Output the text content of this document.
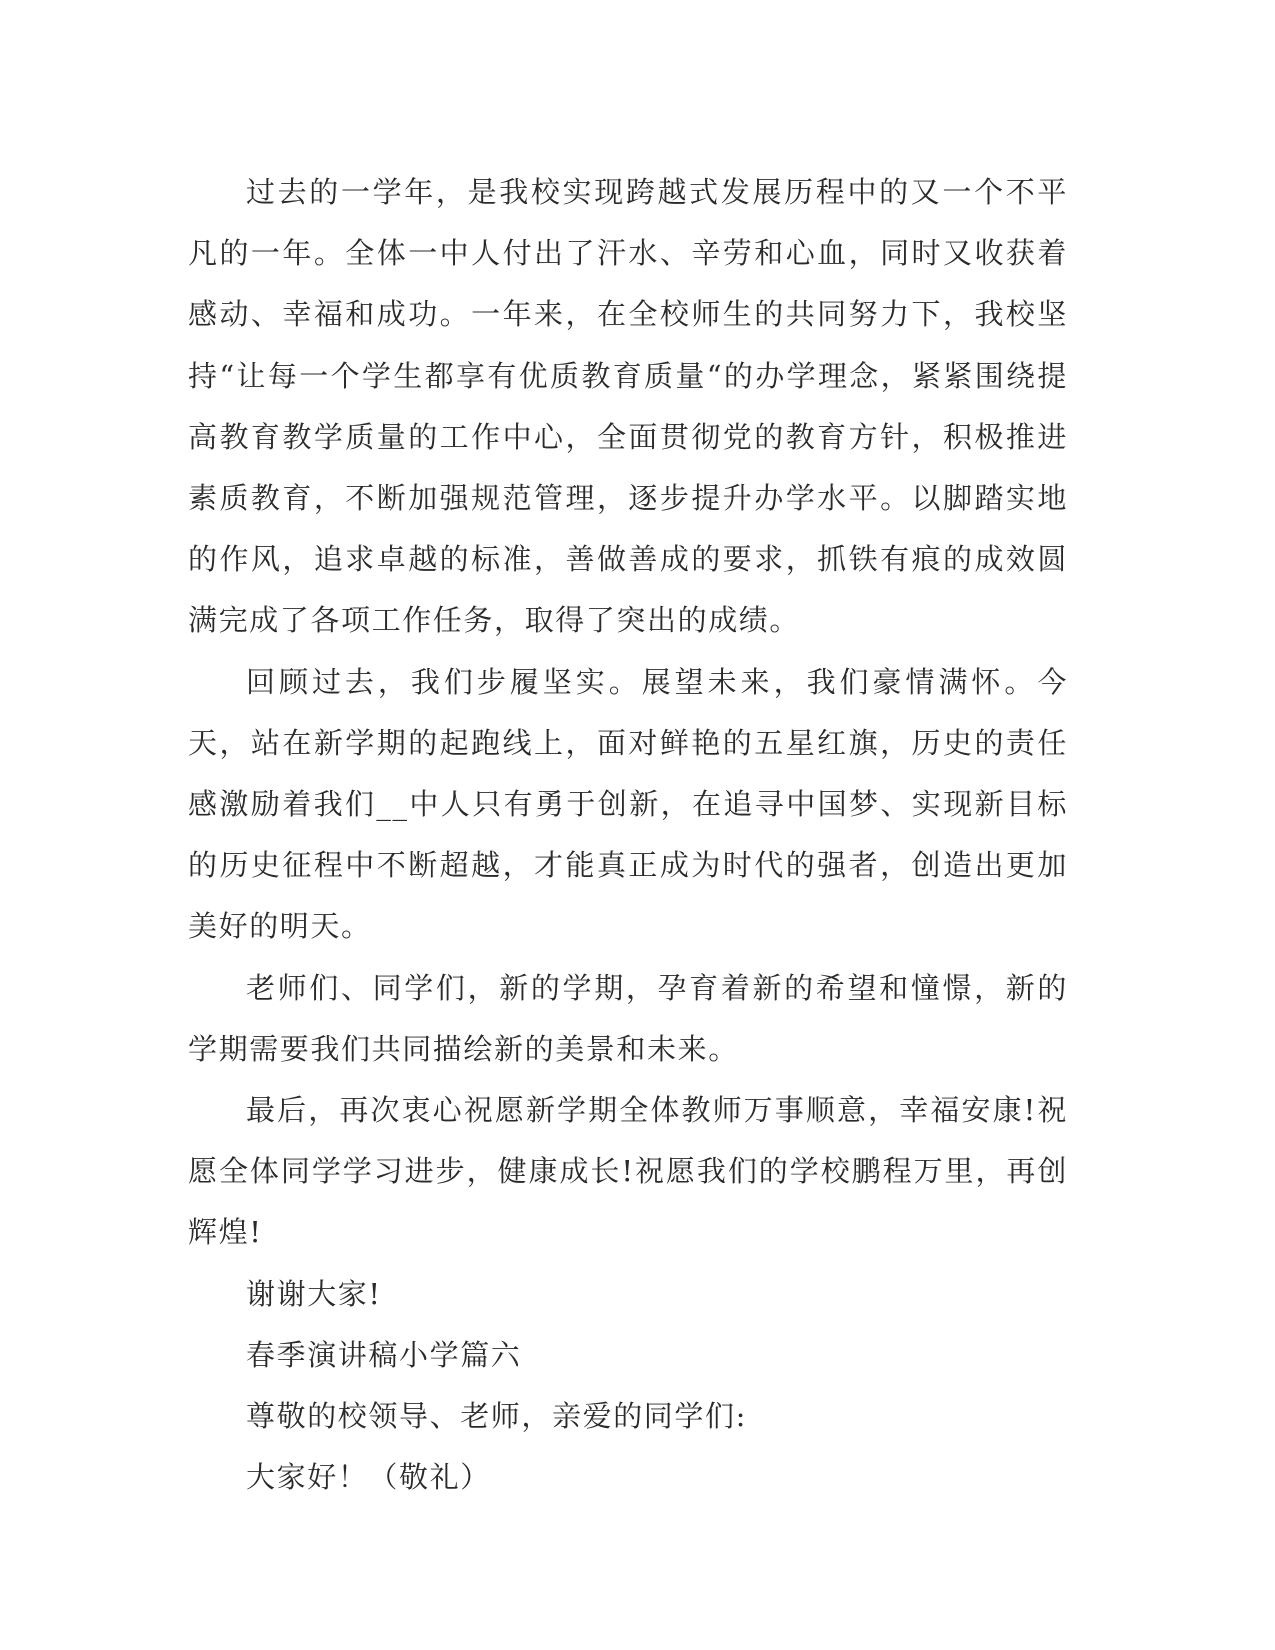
过去的一学年，是我校实现跨越式发展历程中的又一个不平凡的一年。全体一中人付出了汗水、辛劳和心血，同时又收获着感动、幸福和成功。一年来，在全校师生的共同努力下，我校坚持“让每一个学生都享有优质教育质量“的办学理念，紧紧围绕提高教育教学质量的工作中心，全面贯彻党的教育方针，积极推进素质教育，不断加强规范管理，逐步提升办学水平。以脚踏实地的作风，追求卓越的标准，善做善成的要求，抓铁有痕的成效圆满完成了各项工作任务，取得了突出的成绩。

回顾过去，我们步履坚实。展望未来，我们豪情满怀。今天，站在新学期的起跑线上，面对鲜艳的五星红旗，历史的责任感激励着我们__中人只有勇于创新，在追寻中国梦、实现新目标的历史征程中不断超越，才能真正成为时代的强者，创造出更加美好的明天。

老师们、同学们，新的学期，孕育着新的希望和憧憬，新的学期需要我们共同描绘新的美景和未来。

最后，再次衷心祝愿新学期全体教师万事顺意，幸福安康!祝愿全体同学学习进步，健康成长!祝愿我们的学校鹏程万里，再创辉煌!

谢谢大家!

春季演讲稿小学篇六

尊敬的校领导、老师，亲爱的同学们:

大家好！（敬礼）
